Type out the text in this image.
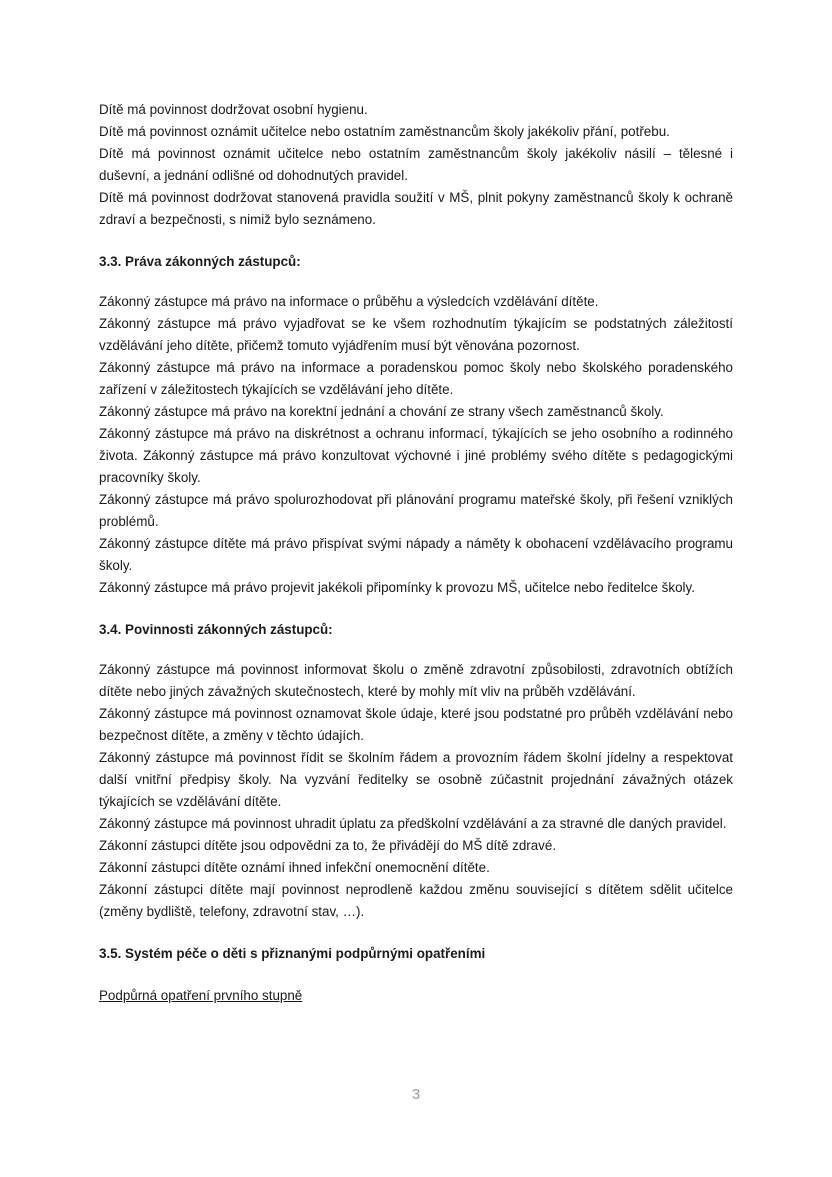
Dítě má povinnost dodržovat osobní hygienu.

Dítě má povinnost oznámit učitelce nebo ostatním zaměstnancům školy jakékoliv přání, potřebu.

Dítě má povinnost oznámit učitelce nebo ostatním zaměstnancům školy jakékoliv násilí – tělesné i duševní, a jednání odlišné od dohodnutých pravidel.

Dítě má povinnost dodržovat stanovená pravidla soužití v MŠ, plnit pokyny zaměstnanců školy k ochraně zdraví a bezpečnosti, s nimiž bylo seznámeno.

3.3. Práva zákonných zástupců:

Zákonný zástupce má právo na informace o průběhu a výsledcích vzdělávání dítěte.

Zákonný zástupce má právo vyjadřovat se ke všem rozhodnutím týkajícím se podstatných záležitostí vzdělávání jeho dítěte, přičemž tomuto vyjádřením musí být věnována pozornost.

Zákonný zástupce má právo na informace a poradenskou pomoc školy nebo školského poradenského zařízení v záležitostech týkajících se vzdělávání jeho dítěte.

Zákonný zástupce má právo na korektní jednání a chování ze strany všech zaměstnanců školy.

Zákonný zástupce má právo na diskrétnost a ochranu informací, týkajících se jeho osobního a rodinného života. Zákonný zástupce má právo konzultovat výchovné i jiné problémy svého dítěte s pedagogickými pracovníky školy.

Zákonný zástupce má právo spolurozhodovat při plánování programu mateřské školy, při řešení vzniklých problémů.

Zákonný zástupce dítěte má právo přispívat svými nápady a náměty k obohacení vzdělávacího programu školy.

Zákonný zástupce má právo projevit jakékoli připomínky k provozu MŠ, učitelce nebo ředitelce školy.

3.4. Povinnosti zákonných zástupců:

Zákonný zástupce má povinnost informovat školu o změně zdravotní způsobilosti, zdravotních obtížích dítěte nebo jiných závažných skutečnostech, které by mohly mít vliv na průběh vzdělávání.

Zákonný zástupce má povinnost oznamovat škole údaje, které jsou podstatné pro průběh vzdělávání nebo bezpečnost dítěte, a změny v těchto údajích.

Zákonný zástupce má povinnost řídit se školním řádem a provozním řádem školní jídelny a respektovat další vnitřní předpisy školy. Na vyzvání ředitelky se osobně zúčastnit projednání závažných otázek týkajících se vzdělávání dítěte.

Zákonný zástupce má povinnost uhradit úplatu za předškolní vzdělávání a za stravné dle daných pravidel.

Zákonní zástupci dítěte jsou odpovědni za to, že přivádějí do MŠ dítě zdravé.

Zákonní zástupci dítěte oznámí ihned infekční onemocnění dítěte.

Zákonní zástupci dítěte mají povinnost neprodleně každou změnu související s dítětem sdělit učitelce (změny bydliště, telefony, zdravotní stav, …).

3.5. Systém péče o děti s přiznanými podpůrnými opatřeními

Podpůrná opatření prvního stupně

3
